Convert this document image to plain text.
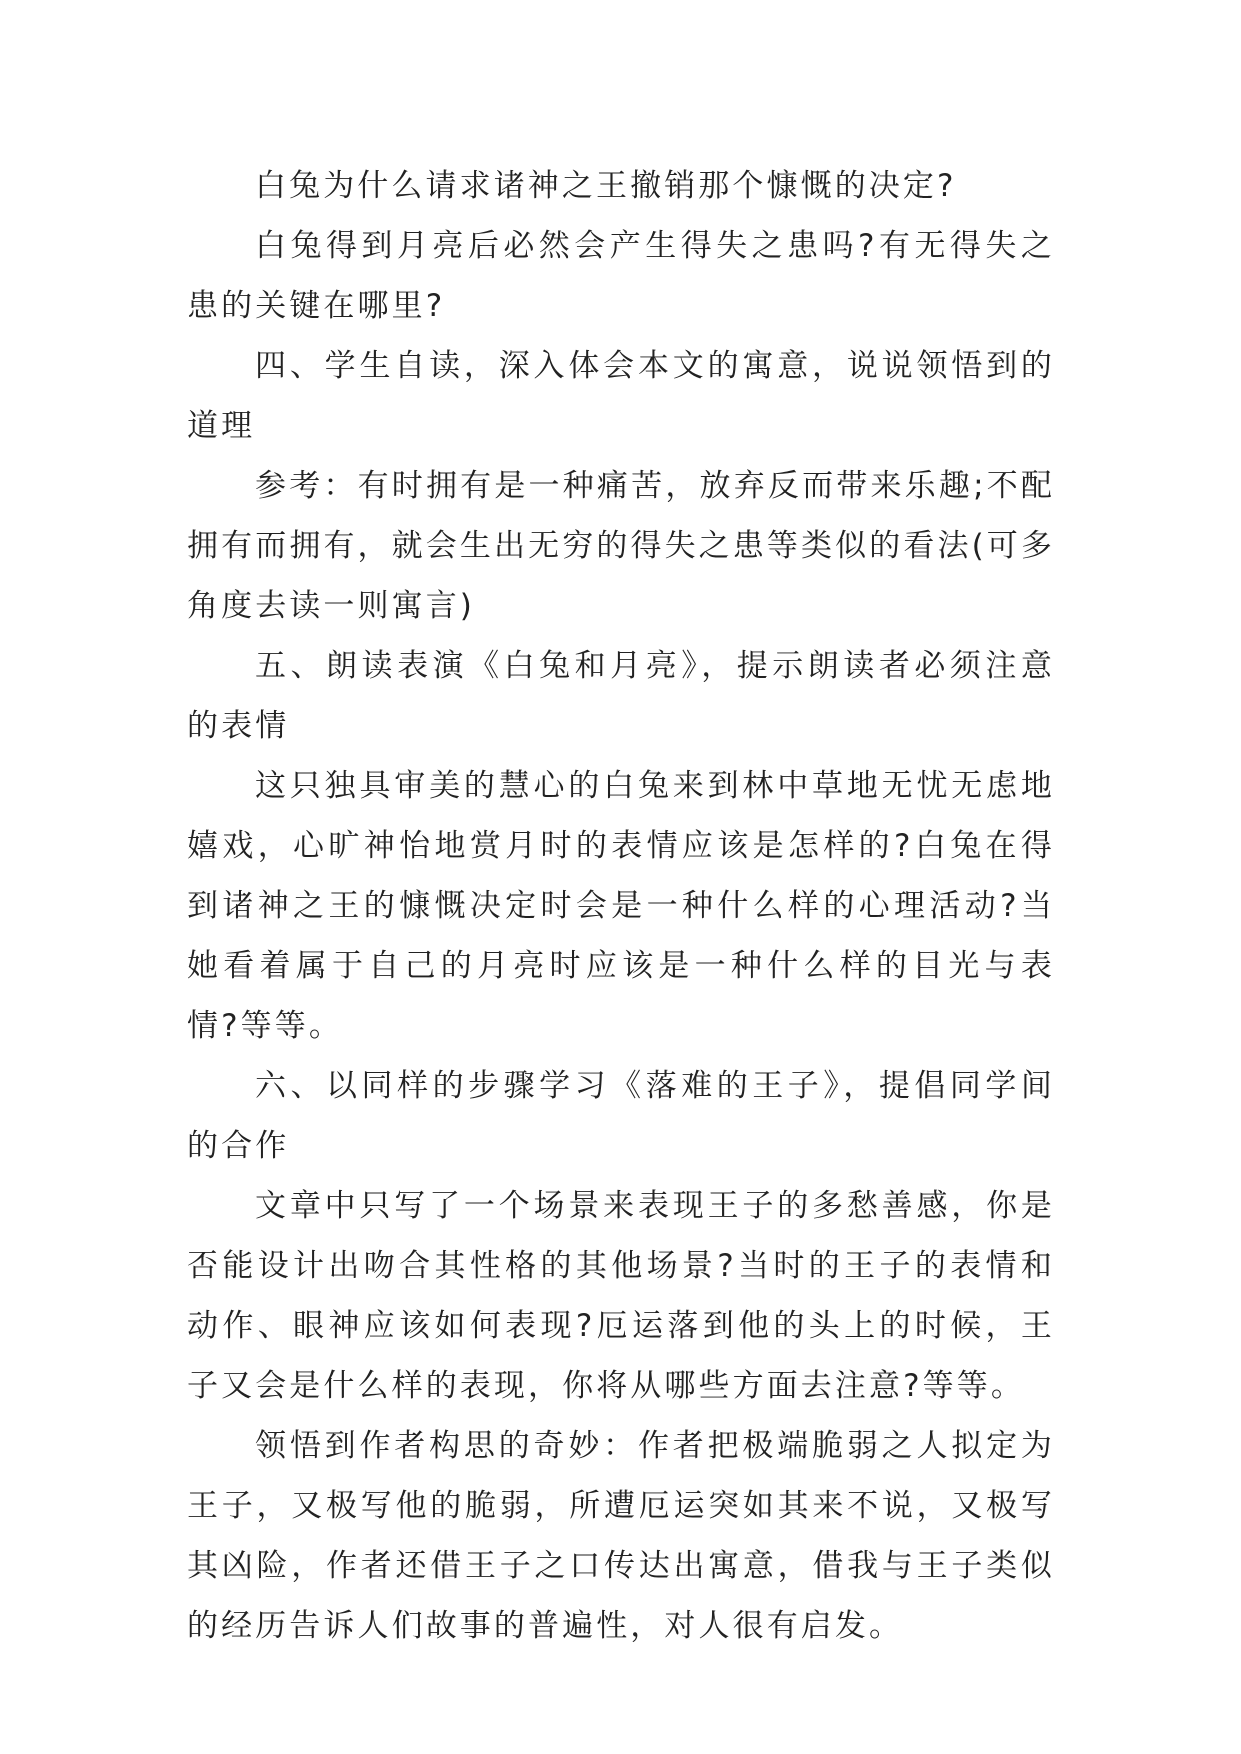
白兔为什么请求诸神之王撤销那个慷慨的决定?

白兔得到月亮后必然会产生得失之患吗?有无得失之患的关键在哪里?

四、学生自读，深入体会本文的寓意，说说领悟到的道理

参考：有时拥有是一种痛苦，放弃反而带来乐趣;不配拥有而拥有，就会生出无穷的得失之患等类似的看法(可多角度去读一则寓言)

五、朗读表演《白兔和月亮》，提示朗读者必须注意的表情

这只独具审美的慧心的白兔来到林中草地无忧无虑地嬉戏，心旷神怡地赏月时的表情应该是怎样的?白兔在得到诸神之王的慷慨决定时会是一种什么样的心理活动?当她看着属于自己的月亮时应该是一种什么样的目光与表情?等等。

六、以同样的步骤学习《落难的王子》，提倡同学间的合作

文章中只写了一个场景来表现王子的多愁善感，你是否能设计出吻合其性格的其他场景?当时的王子的表情和动作、眼神应该如何表现?厄运落到他的头上的时候，王子又会是什么样的表现，你将从哪些方面去注意?等等。

领悟到作者构思的奇妙：作者把极端脆弱之人拟定为王子，又极写他的脆弱，所遭厄运突如其来不说，又极写其凶险，作者还借王子之口传达出寓意，借我与王子类似的经历告诉人们故事的普遍性，对人很有启发。
